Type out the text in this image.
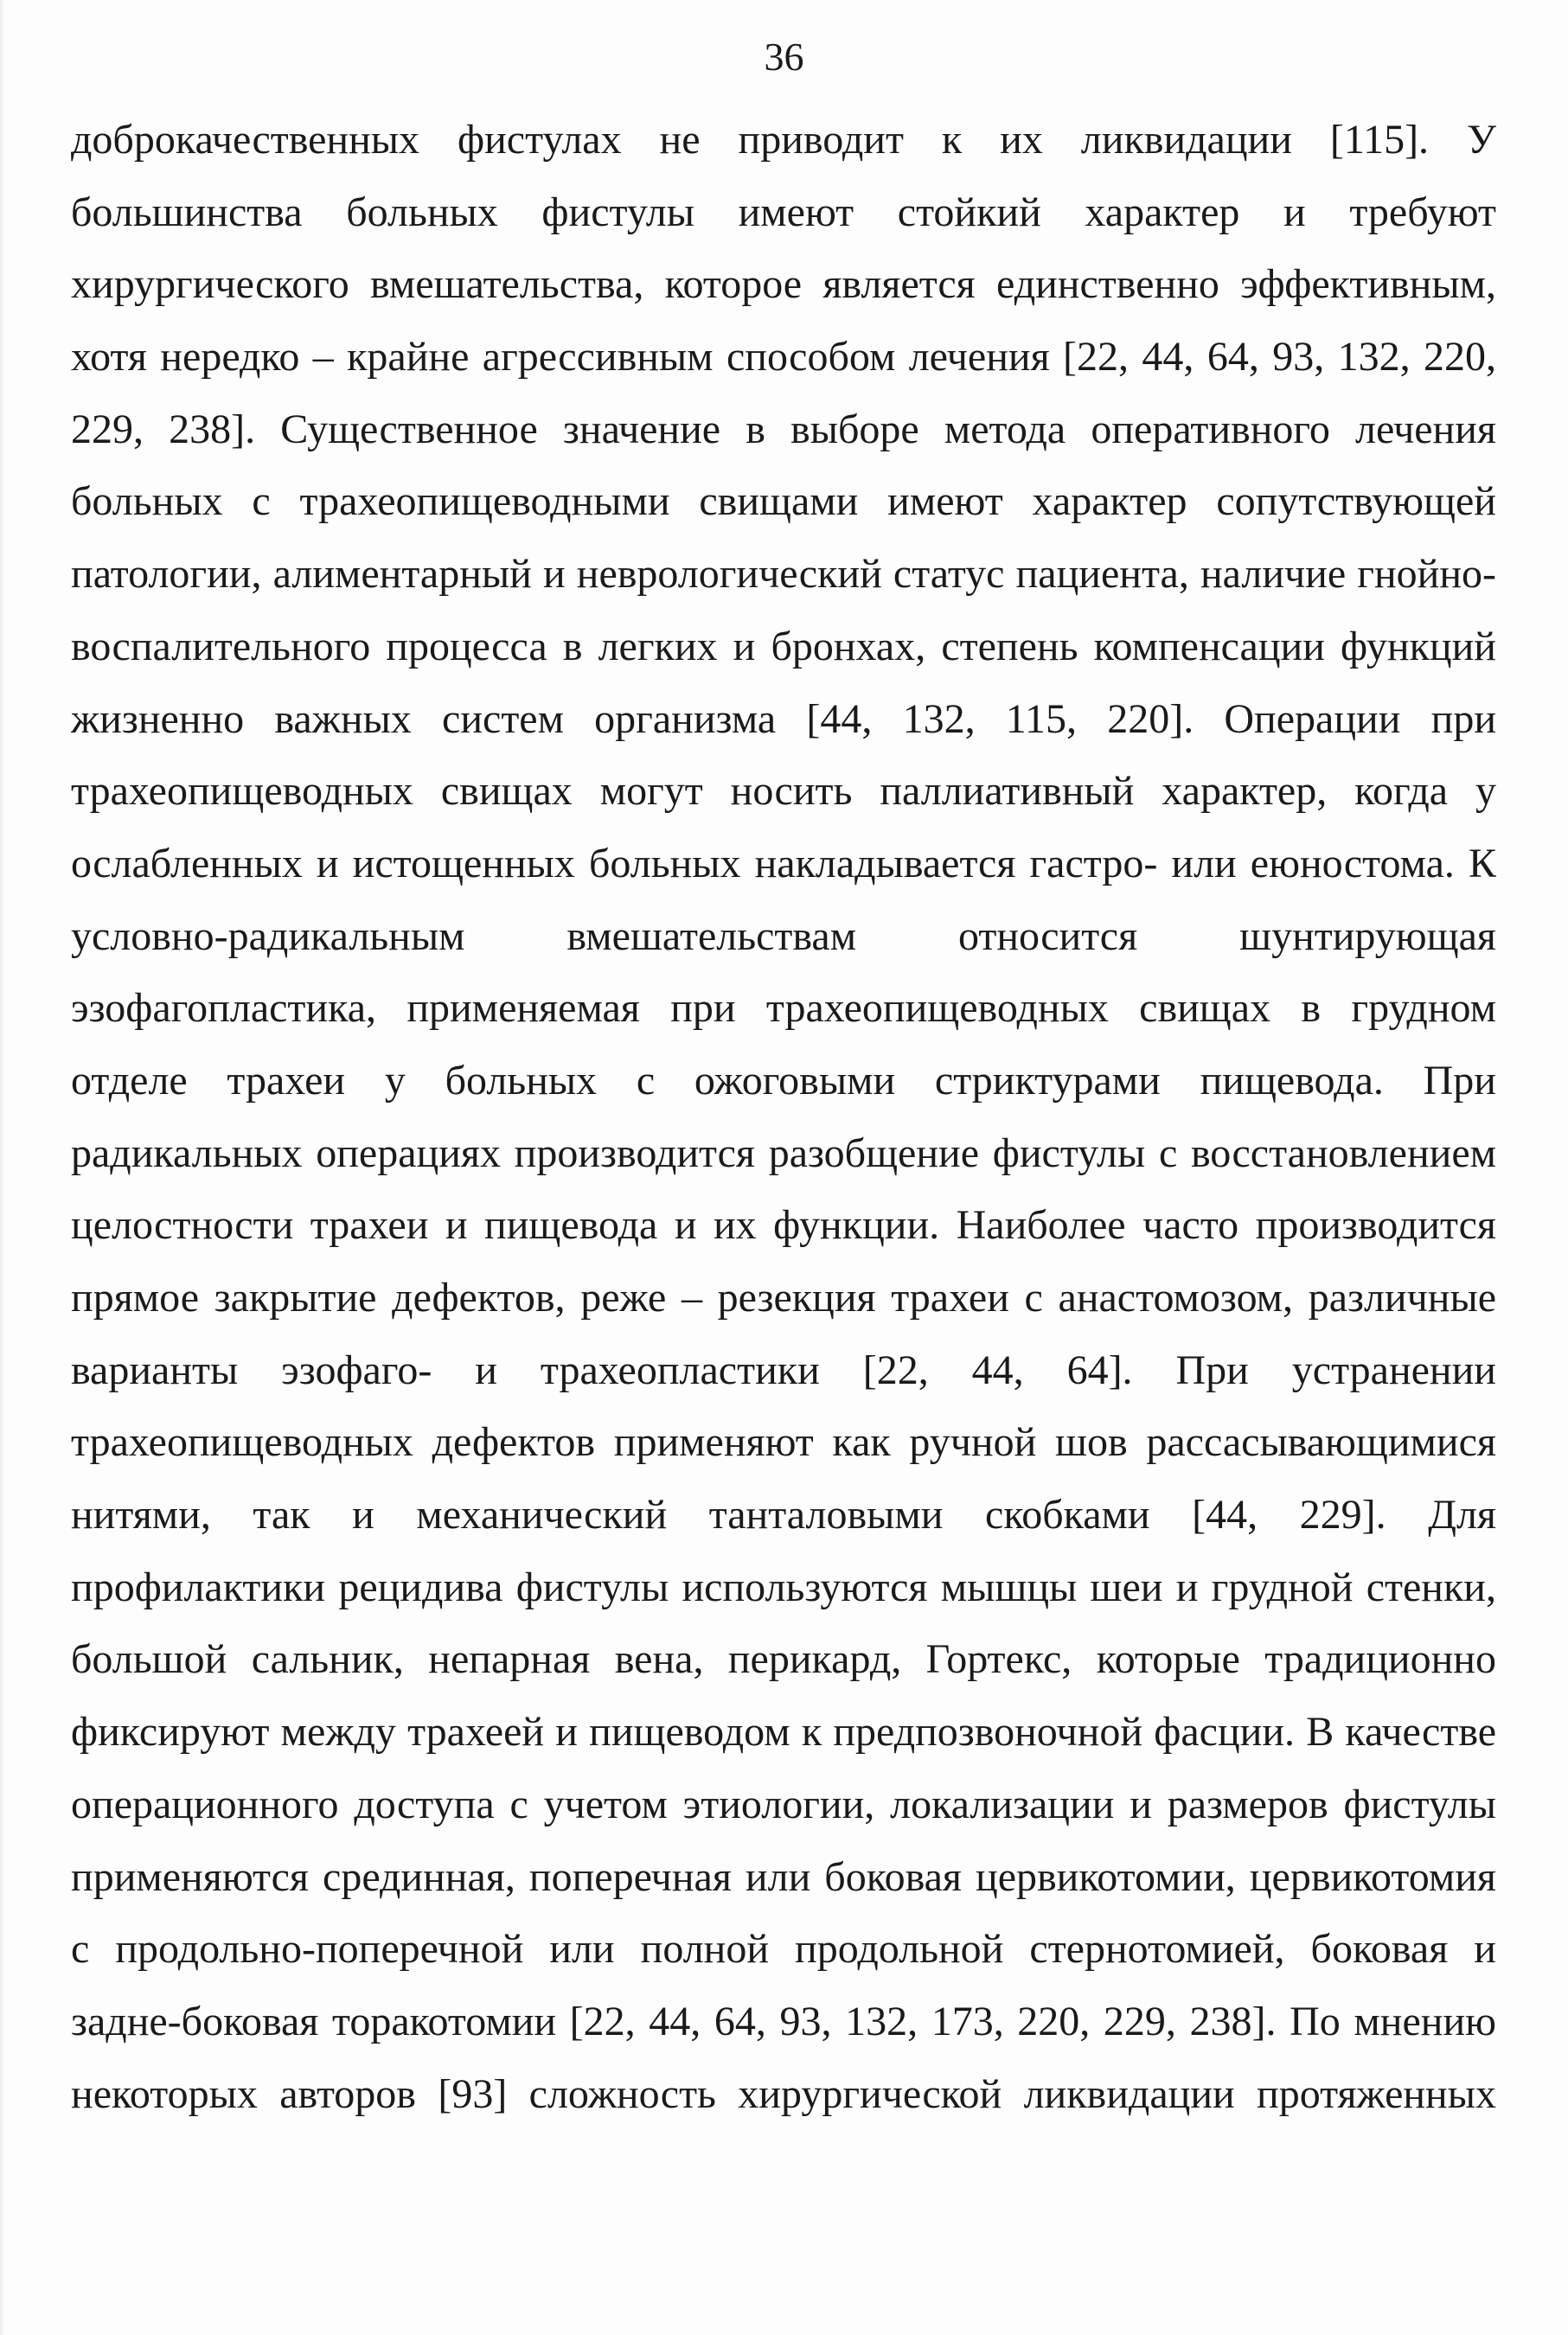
36
доброкачественных фистулах не приводит к их ликвидации [115]. У
большинства больных фистулы имеют стойкий характер и требуют
хирургического вмешательства, которое является единственно эффективным,
хотя нередко – крайне агрессивным способом лечения [22, 44, 64, 93, 132, 220,
229, 238]. Существенное значение в выборе метода оперативного лечения
больных с трахеопищеводными свищами имеют характер сопутствующей
патологии, алиментарный и неврологический статус пациента, наличие гнойно-
воспалительного процесса в легких и бронхах, степень компенсации функций
жизненно важных систем организма [44, 132, 115, 220]. Операции при
трахеопищеводных свищах могут носить паллиативный характер, когда у
ослабленных и истощенных больных накладывается гастро- или еюностома. К
условно-радикальным вмешательствам относится шунтирующая
эзофагопластика, применяемая при трахеопищеводных свищах в грудном
отделе трахеи у больных с ожоговыми стриктурами пищевода. При
радикальных операциях производится разобщение фистулы с восстановлением
целостности трахеи и пищевода и их функции. Наиболее часто производится
прямое закрытие дефектов, реже – резекция трахеи с анастомозом, различные
варианты эзофаго- и трахеопластики [22, 44, 64]. При устранении
трахеопищеводных дефектов применяют как ручной шов рассасывающимися
нитями, так и механический танталовыми скобками [44, 229]. Для
профилактики рецидива фистулы используются мышцы шеи и грудной стенки,
большой сальник, непарная вена, перикард, Гортекс, которые традиционно
фиксируют между трахеей и пищеводом к предпозвоночной фасции. В качестве
операционного доступа с учетом этиологии, локализации и размеров фистулы
применяются срединная, поперечная или боковая цервикотомии, цервикотомия
с продольно-поперечной или полной продольной стернотомией, боковая и
задне-боковая торакотомии [22, 44, 64, 93, 132, 173, 220, 229, 238]. По мнению
некоторых авторов [93] сложность хирургической ликвидации протяженных
